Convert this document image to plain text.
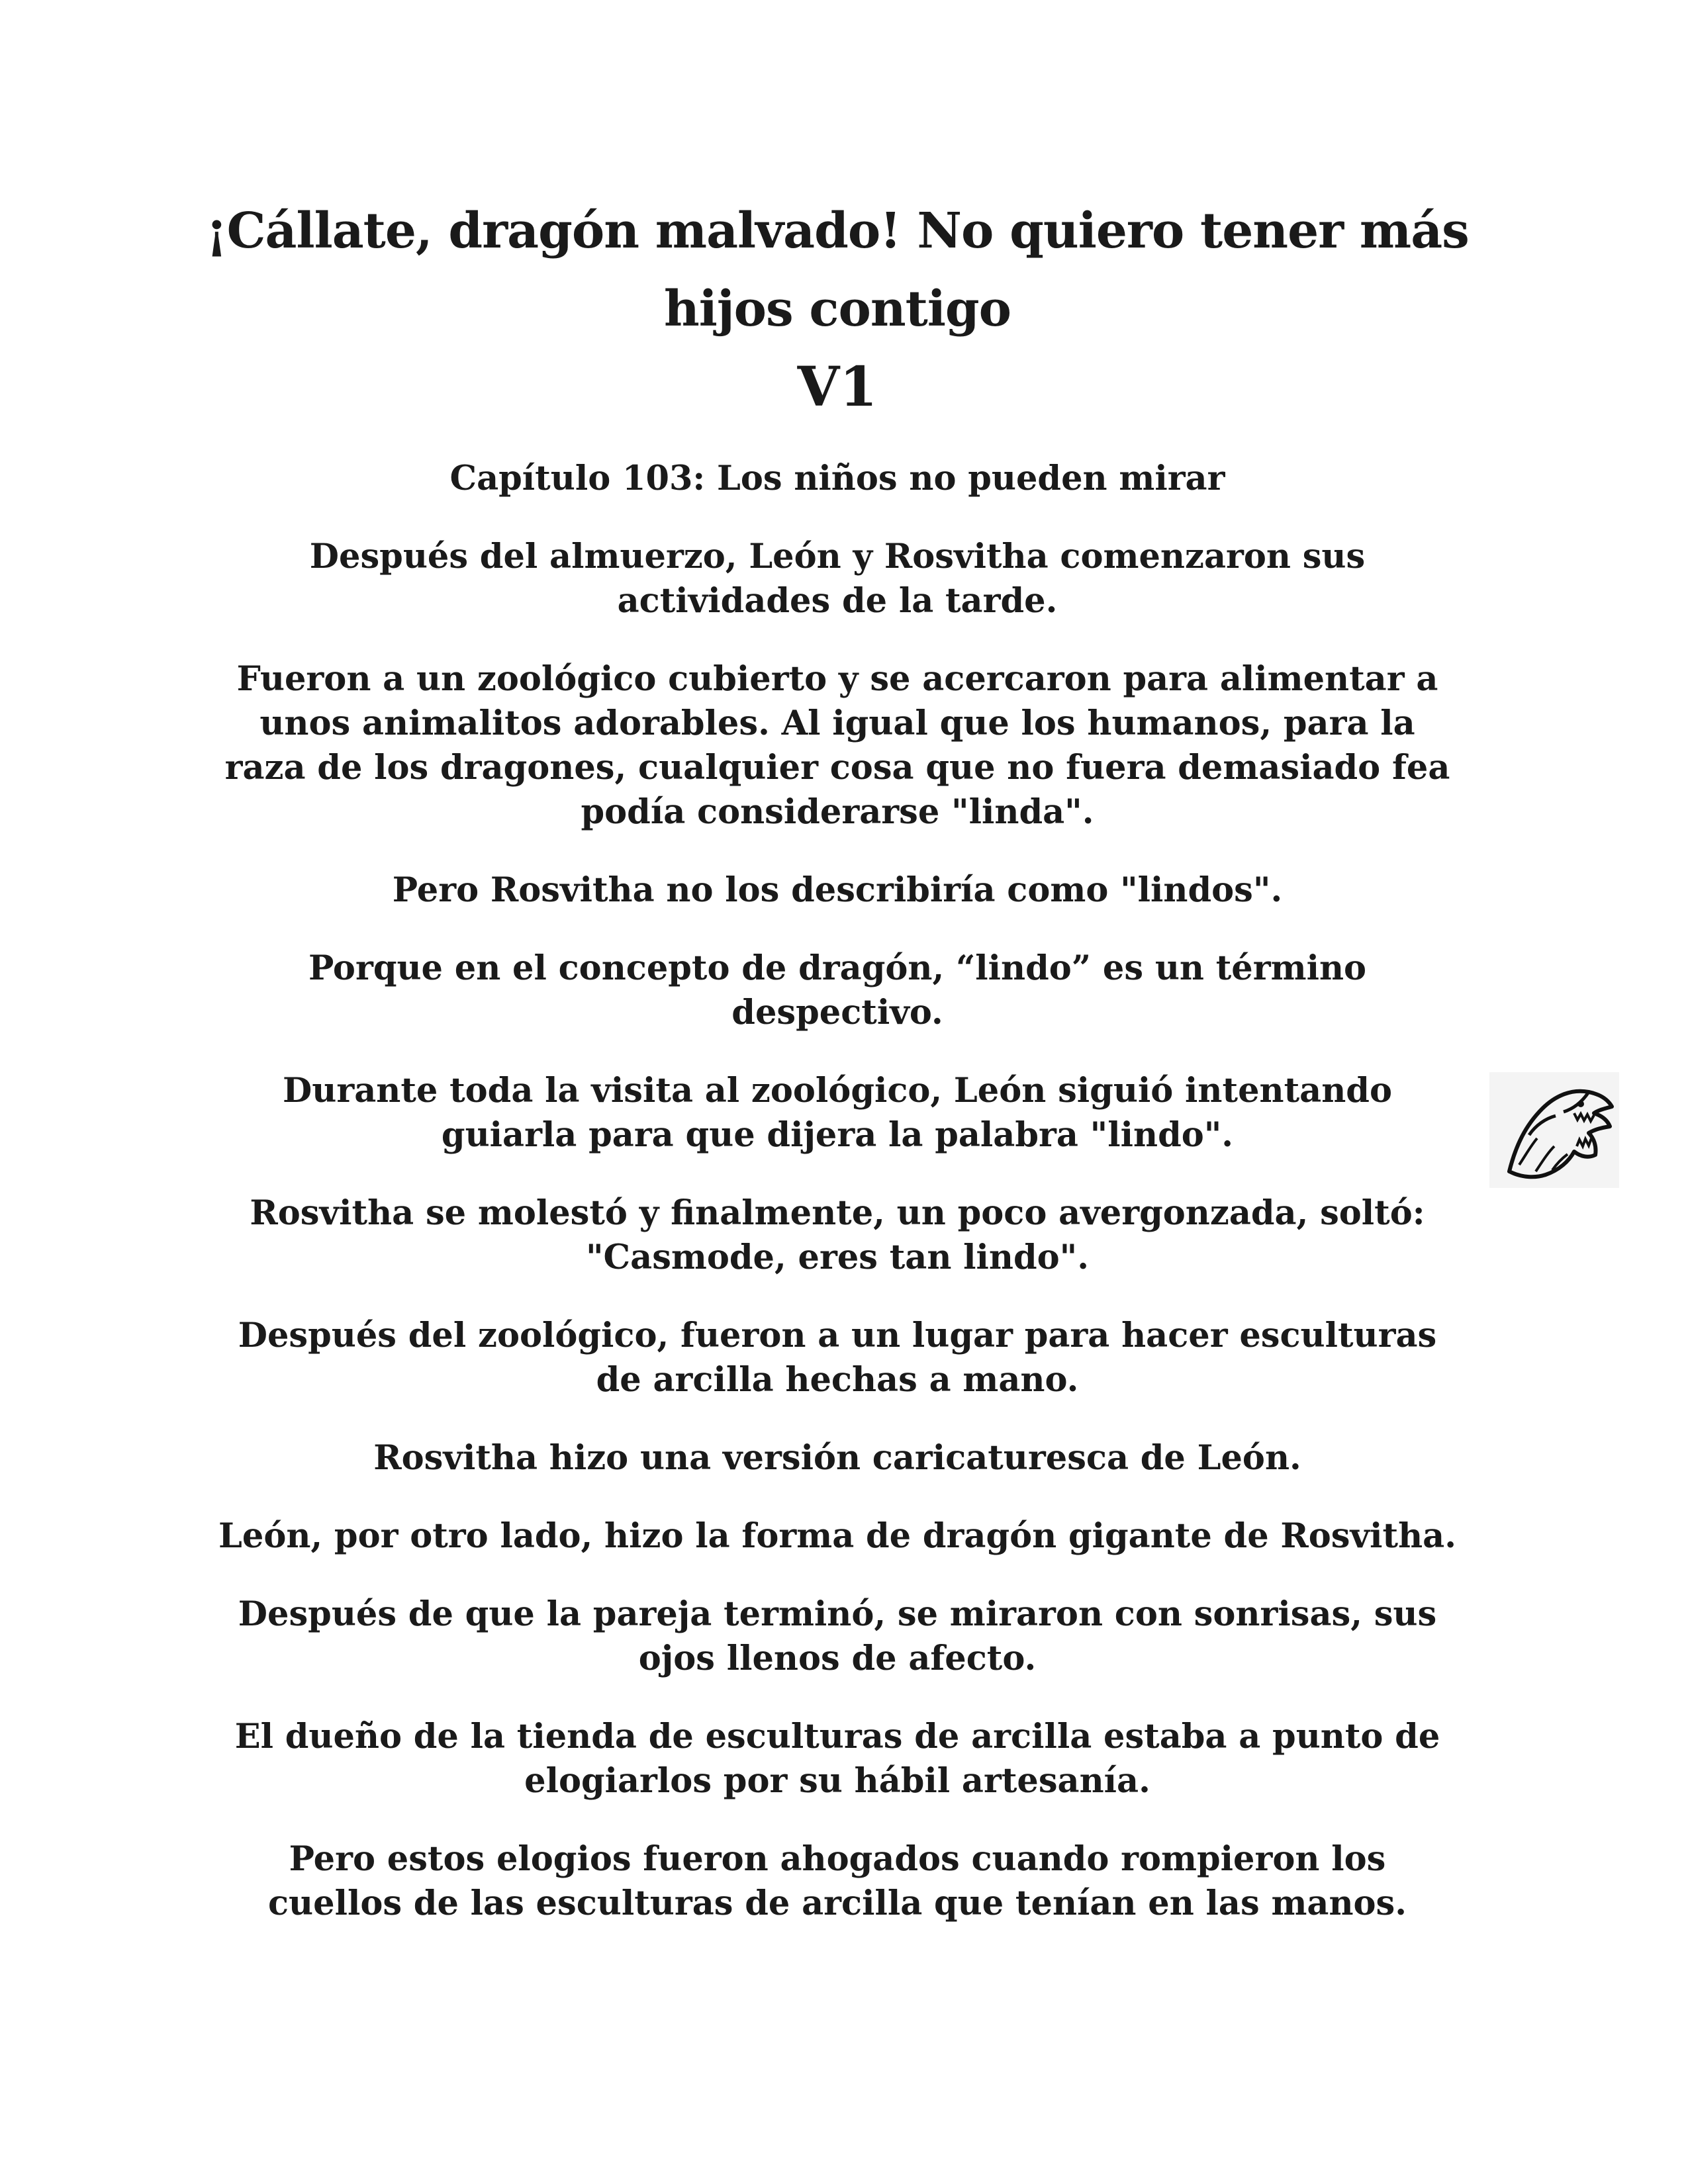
¡Cállate, dragón malvado! No quiero tener más hijos contigo
V1

Capítulo 103: Los niños no pueden mirar

Después del almuerzo, León y Rosvitha comenzaron sus actividades de la tarde.

Fueron a un zoológico cubierto y se acercaron para alimentar a unos animalitos adorables. Al igual que los humanos, para la raza de los dragones, cualquier cosa que no fuera demasiado fea podía considerarse "linda".

Pero Rosvitha no los describiría como "lindos".

Porque en el concepto de dragón, “lindo” es un término despectivo.

Durante toda la visita al zoológico, León siguió intentando guiarla para que dijera la palabra "lindo".

Rosvitha se molestó y finalmente, un poco avergonzada, soltó: "Casmode, eres tan lindo".

Después del zoológico, fueron a un lugar para hacer esculturas de arcilla hechas a mano.

Rosvitha hizo una versión caricaturesca de León.

León, por otro lado, hizo la forma de dragón gigante de Rosvitha.

Después de que la pareja terminó, se miraron con sonrisas, sus ojos llenos de afecto.

El dueño de la tienda de esculturas de arcilla estaba a punto de elogiarlos por su hábil artesanía.

Pero estos elogios fueron ahogados cuando rompieron los cuellos de las esculturas de arcilla que tenían en las manos.
